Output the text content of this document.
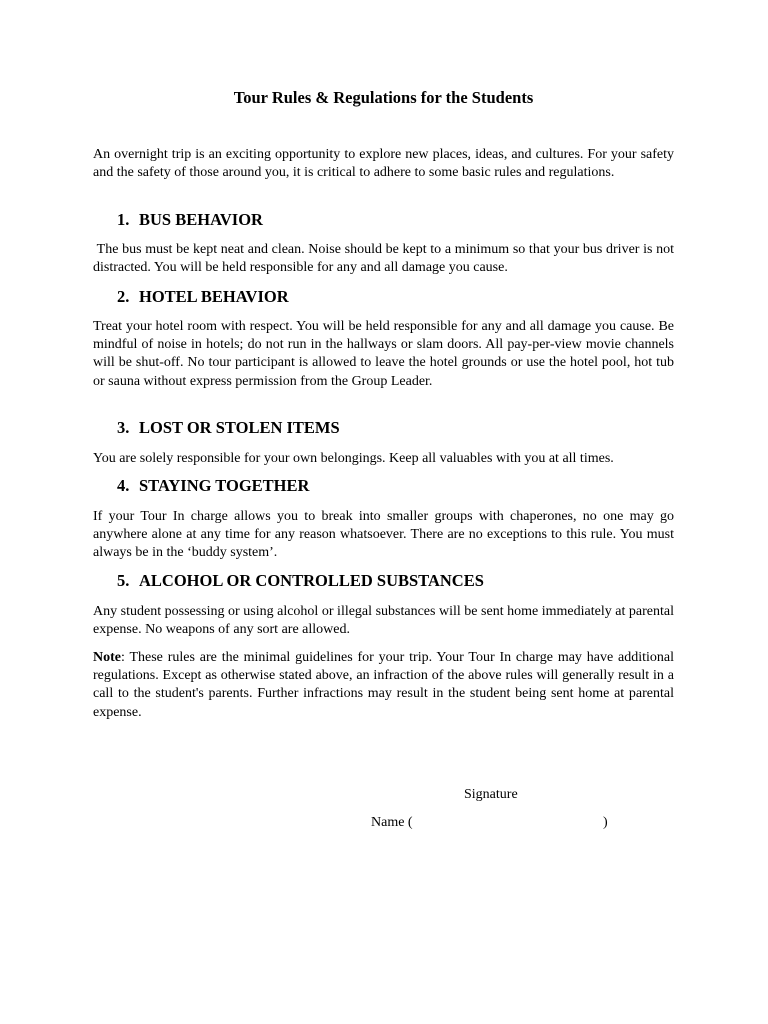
Tour Rules & Regulations for the Students

An overnight trip is an exciting opportunity to explore new places, ideas, and cultures. For your safety and the safety of those around you, it is critical to adhere to some basic rules and regulations.

1. BUS BEHAVIOR

The bus must be kept neat and clean. Noise should be kept to a minimum so that your bus driver is not distracted. You will be held responsible for any and all damage you cause.

2. HOTEL BEHAVIOR

Treat your hotel room with respect. You will be held responsible for any and all damage you cause. Be mindful of noise in hotels; do not run in the hallways or slam doors. All pay-per-view movie channels will be shut-off. No tour participant is allowed to leave the hotel grounds or use the hotel pool, hot tub or sauna without express permission from the Group Leader.

3. LOST OR STOLEN ITEMS

You are solely responsible for your own belongings. Keep all valuables with you at all times.

4. STAYING TOGETHER

If your Tour In charge allows you to break into smaller groups with chaperones, no one may go anywhere alone at any time for any reason whatsoever. There are no exceptions to this rule. You must always be in the ‘buddy system’.

5. ALCOHOL OR CONTROLLED SUBSTANCES

Any student possessing or using alcohol or illegal substances will be sent home immediately at parental expense. No weapons of any sort are allowed.

Note: These rules are the minimal guidelines for your trip. Your Tour In charge may have additional regulations. Except as otherwise stated above, an infraction of the above rules will generally result in a call to the student's parents. Further infractions may result in the student being sent home at parental expense.

Signature
Name (	)
